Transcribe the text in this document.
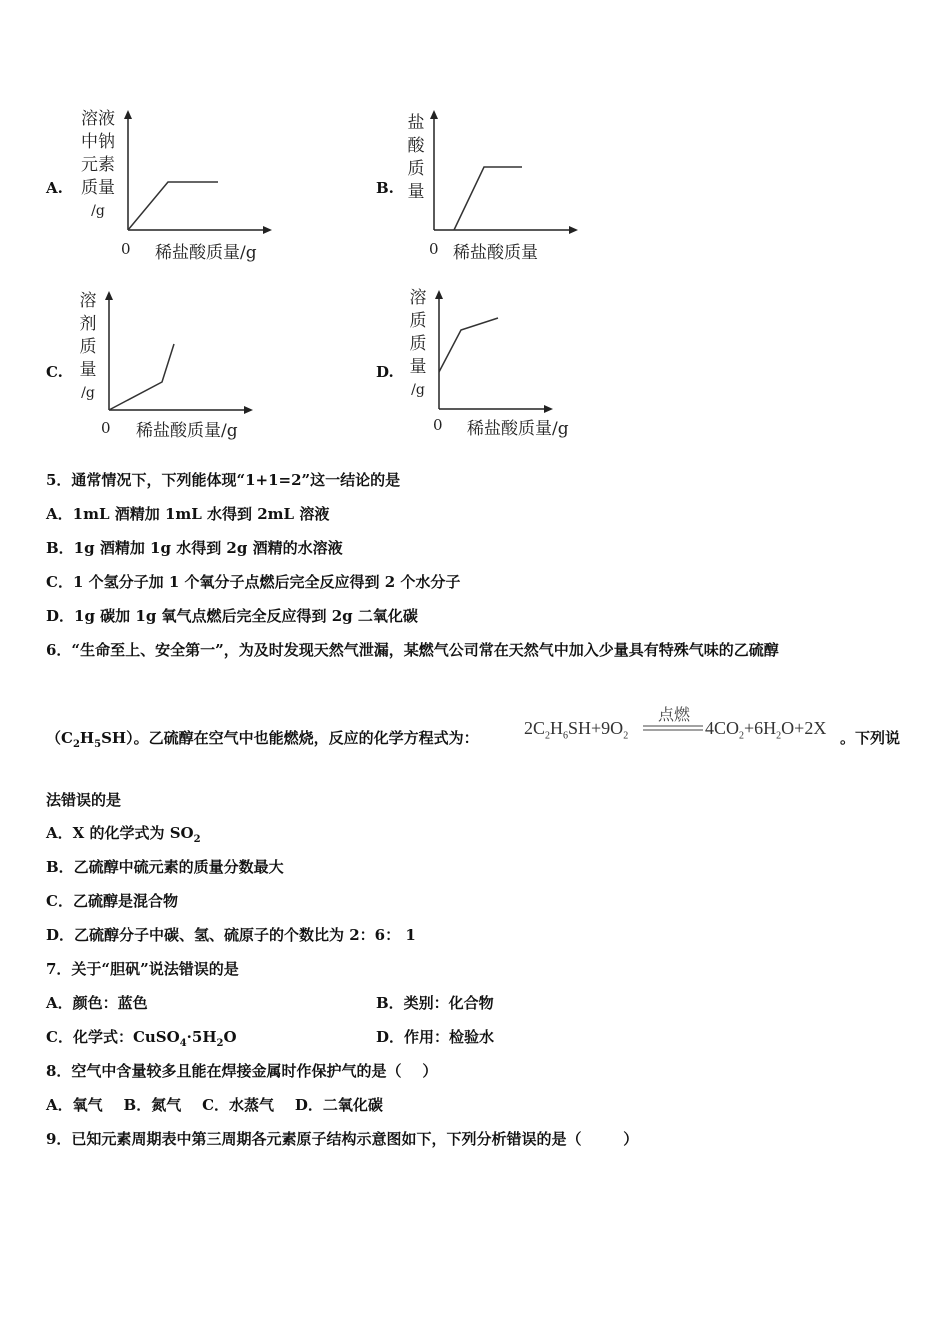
A.
溶液
中钠
元素
质量
/g
0 稀盐酸质量/g
B.
盐
酸
质
量
0 稀盐酸质量
C.
溶
剂
质
量
/g
0 稀盐酸质量/g
D.
溶
质
质
量
/g
0 稀盐酸质量/g
5．通常情况下，下列能体现“1+1=2”这一结论的是
A．1mL 酒精加 1mL 水得到 2mL 溶液
B．1g 酒精加 1g 水得到 2g 酒精的水溶液
C．1 个氢分子加 1 个氧分子点燃后完全反应得到 2 个水分子
D．1g 碳加 1g 氧气点燃后完全反应得到 2g 二氧化碳
6．“生命至上、安全第一”，为及时发现天然气泄漏，某燃气公司常在天然气中加入少量具有特殊气味的乙硫醇
$(C_2H_5SH)$。乙硫醇在空气中也能燃烧，反应的化学方程式为：	$2C_2H_6SH+9O_2$
点燃
$4CO_2+6H_2O+2X$ 。下列说
法错误的是
A．X 的化学式为 $SO_2$
B．乙硫醇中硫元素的质量分数最大
C．乙硫醇是混合物
D．乙硫醇分子中碳、氢、硫原子的个数比为 2：6： 1
7．关于“胆矾”说法错误的是
A．颜色：蓝色	B．类别：化合物
C．化学式：$CuSO_4\cdot 5H_2O$	D．作用：检验水
8．空气中含量较多且能在焊接金属时作保护气的是（    ）
A．氧气    B．氮气    C．水蒸气    D．二氧化碳
9．已知元素周期表中第三周期各元素原子结构示意图如下，下列分析错误的是（        ）
